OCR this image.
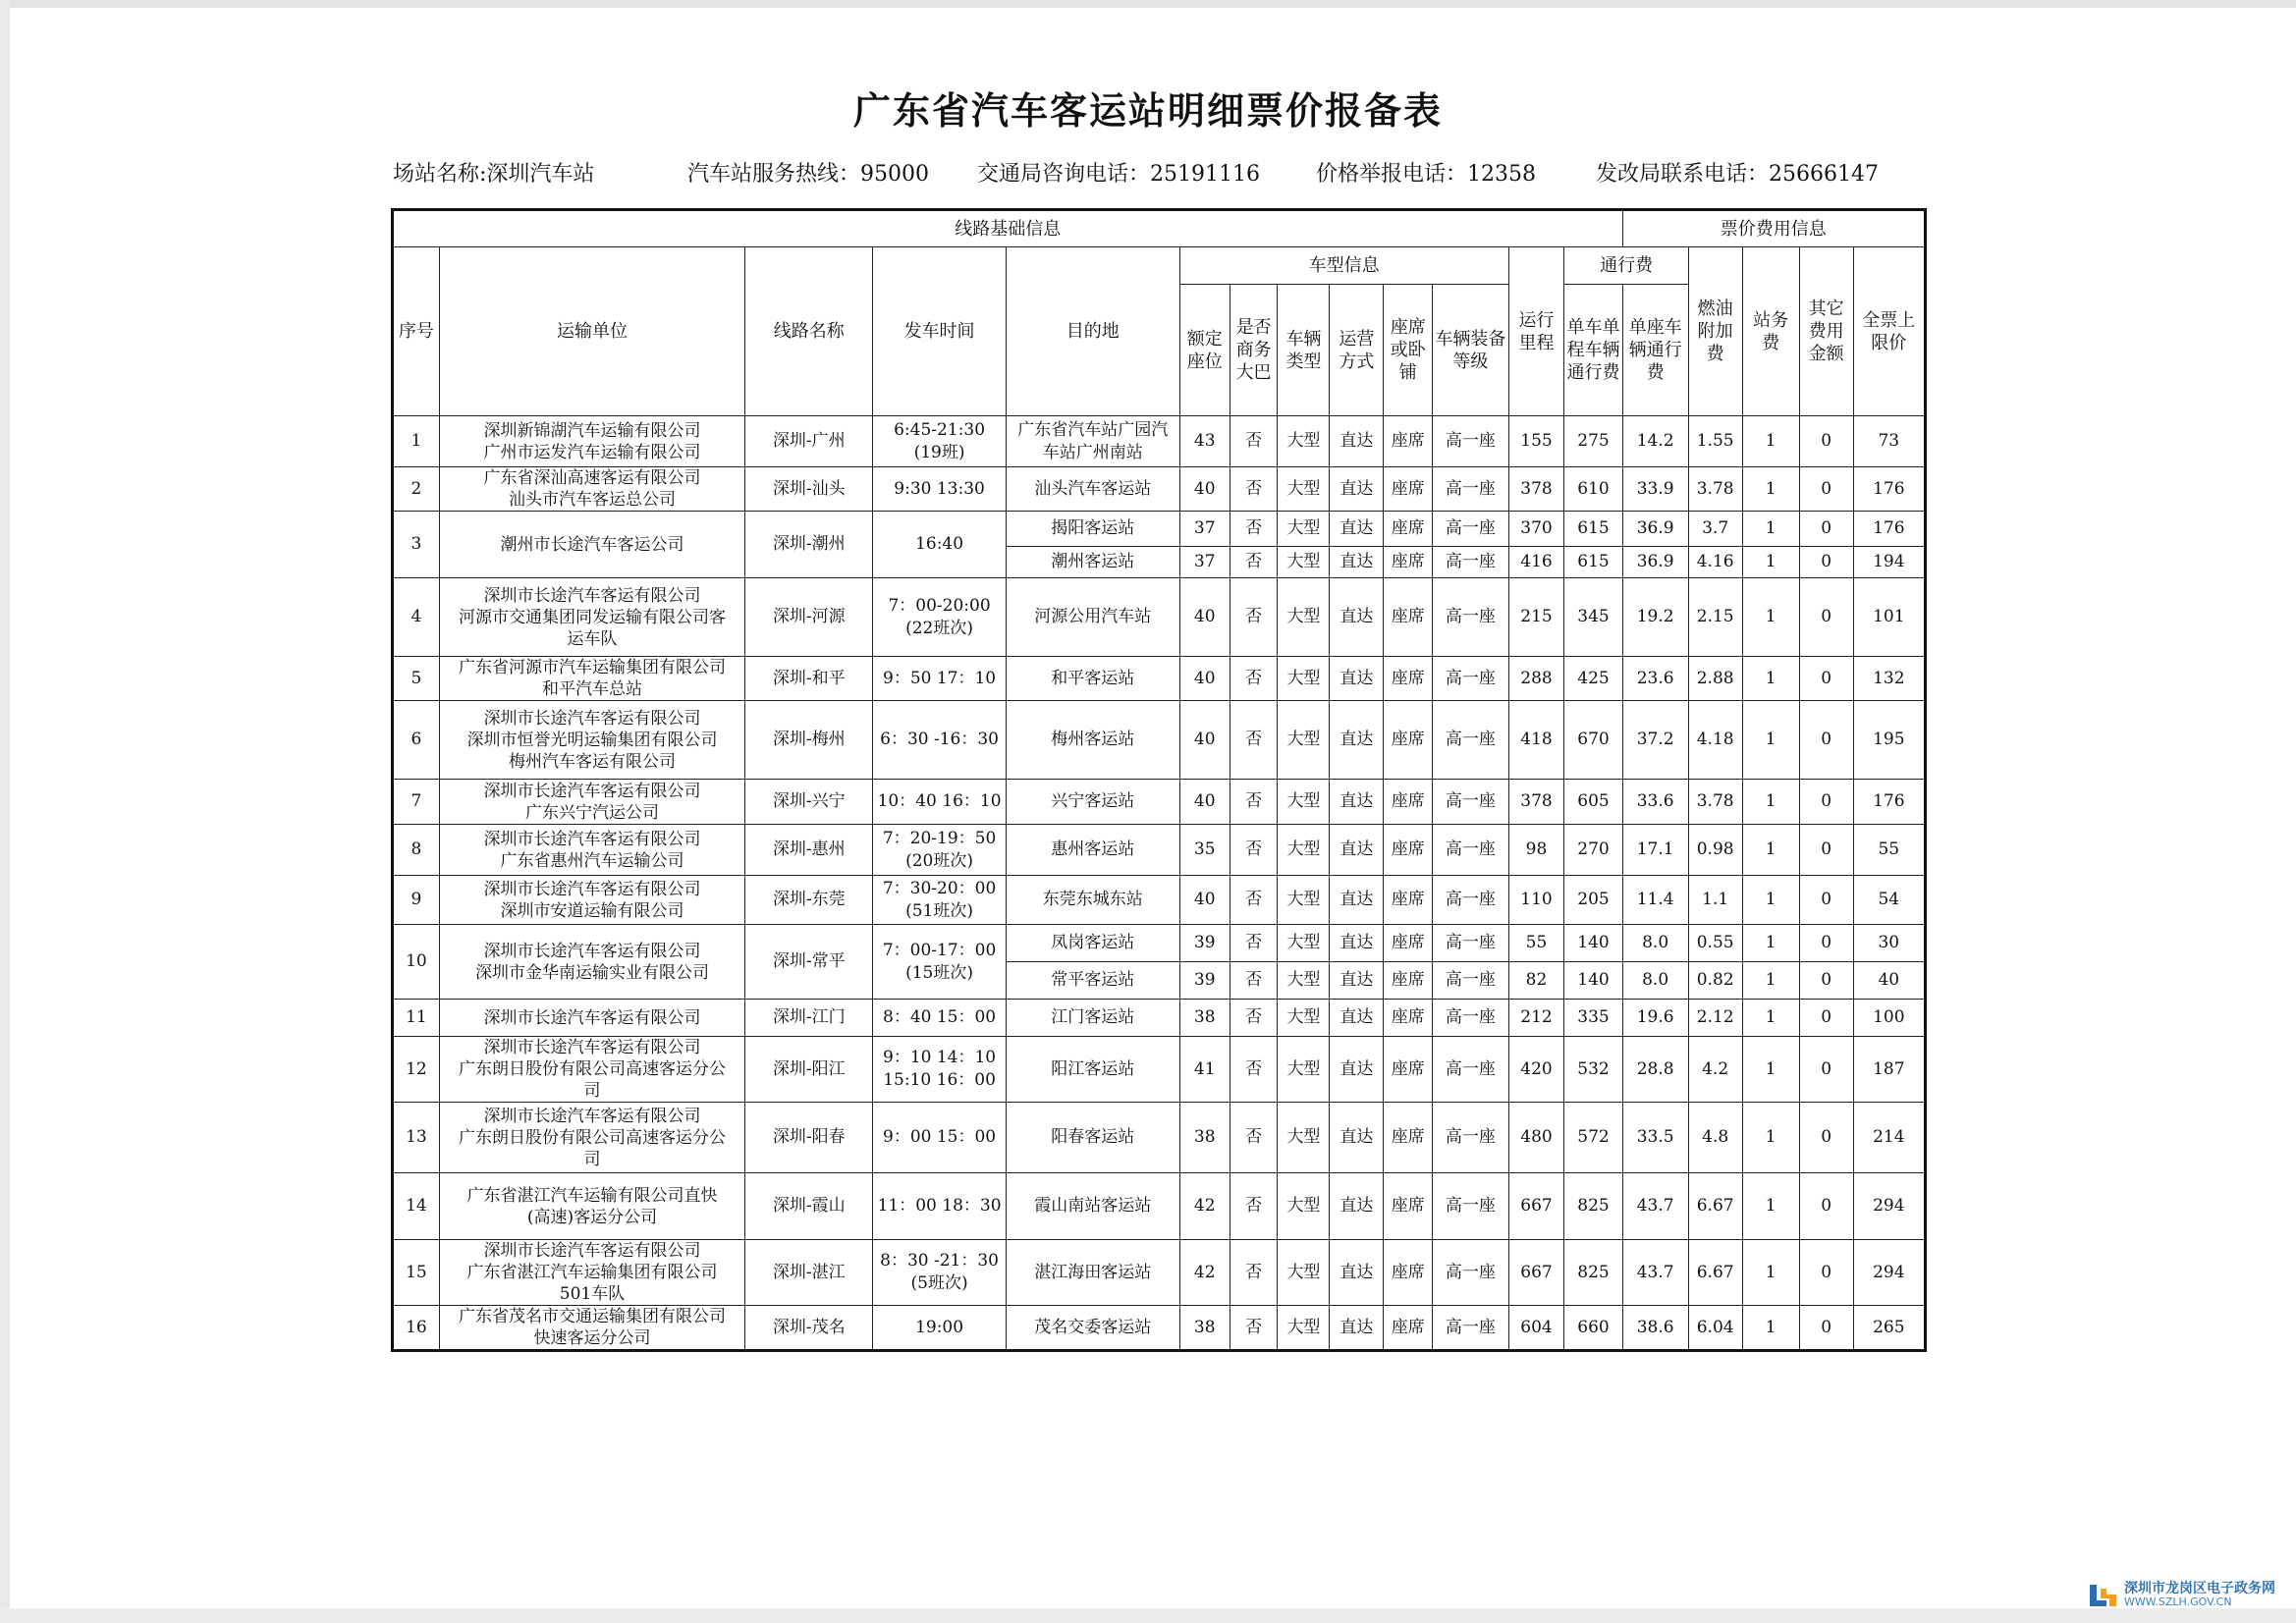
广东省汽车客运站明细票价报备表
场站名称:深圳汽车站	汽车站服务热线：95000 交通局咨询电话：25191116	价格举报电话：12358	发改局联系电话：25666147
线路基础信息													票价费用信息				
序号	运输单位	线路名称	发车时间	目的地	车型信息						运行里程	通行费		燃油附加费	站务费	其它费用金额	全票上限价
					额定座位	是否商务大巴	车辆类型	运营方式	座席或卧铺	车辆装备等级		单车单程车辆通行费	单座车辆通行费				
1	深圳新锦湖汽车运输有限公司
广州市运发汽车运输有限公司	深圳-广州	6:45-21:30
(19班)	广东省汽车站广园汽
车站广州南站	43	否	大型	直达	座席	高一座	155	275	14.2	1.55	1	0	73
2	广东省深汕高速客运有限公司
汕头市汽车客运总公司	深圳-汕头	9:30 13:30	汕头汽车客运站	40	否	大型	直达	座席	高一座	378	610	33.9	3.78	1	0	176
3	潮州市长途汽车客运公司	深圳-潮州	16:40	揭阳客运站	37	否	大型	直达	座席	高一座	370	615	36.9	3.7	1	0	176
				潮州客运站	37	否	大型	直达	座席	高一座	416	615	36.9	4.16	1	0	194
4	深圳市长途汽车客运有限公司
河源市交通集团同发运输有限公司客
运车队	深圳-河源	7：00-20:00
(22班次)	河源公用汽车站	40	否	大型	直达	座席	高一座	215	345	19.2	2.15	1	0	101
5	广东省河源市汽车运输集团有限公司
和平汽车总站	深圳-和平	9：50 17：10	和平客运站	40	否	大型	直达	座席	高一座	288	425	23.6	2.88	1	0	132
6	深圳市长途汽车客运有限公司
深圳市恒誉光明运输集团有限公司
梅州汽车客运有限公司	深圳-梅州	6：30 -16：30	梅州客运站	40	否	大型	直达	座席	高一座	418	670	37.2	4.18	1	0	195
7	深圳市长途汽车客运有限公司
广东兴宁汽运公司	深圳-兴宁	10：40 16：10	兴宁客运站	40	否	大型	直达	座席	高一座	378	605	33.6	3.78	1	0	176
8	深圳市长途汽车客运有限公司
广东省惠州汽车运输公司	深圳-惠州	7：20-19：50
(20班次)	惠州客运站	35	否	大型	直达	座席	高一座	98	270	17.1	0.98	1	0	55
9	深圳市长途汽车客运有限公司
深圳市安道运输有限公司	深圳-东莞	7：30-20：00
(51班次)	东莞东城东站	40	否	大型	直达	座席	高一座	110	205	11.4	1.1	1	0	54
10	深圳市长途汽车客运有限公司
深圳市金华南运输实业有限公司	深圳-常平	7：00-17：00
(15班次)	凤岗客运站	39	否	大型	直达	座席	高一座	55	140	8.0	0.55	1	0	30
				常平客运站	39	否	大型	直达	座席	高一座	82	140	8.0	0.82	1	0	40
11	深圳市长途汽车客运有限公司	深圳-江门	8：40 15：00	江门客运站	38	否	大型	直达	座席	高一座	212	335	19.6	2.12	1	0	100
12	深圳市长途汽车客运有限公司
广东朗日股份有限公司高速客运分公
司	深圳-阳江	9：10 14：10
15:10 16：00	阳江客运站	41	否	大型	直达	座席	高一座	420	532	28.8	4.2	1	0	187
13	深圳市长途汽车客运有限公司
广东朗日股份有限公司高速客运分公
司	深圳-阳春	9：00 15：00	阳春客运站	38	否	大型	直达	座席	高一座	480	572	33.5	4.8	1	0	214
14	广东省湛江汽车运输有限公司直快
(高速)客运分公司	深圳-霞山	11：00 18：30	霞山南站客运站	42	否	大型	直达	座席	高一座	667	825	43.7	6.67	1	0	294
15	深圳市长途汽车客运有限公司
广东省湛江汽车运输集团有限公司
501车队	深圳-湛江	8：30 -21：30
(5班次)	湛江海田客运站	42	否	大型	直达	座席	高一座	667	825	43.7	6.67	1	0	294
16	广东省茂名市交通运输集团有限公司
快速客运分公司	深圳-茂名	19:00	茂名交委客运站	38	否	大型	直达	座席	高一座	604	660	38.6	6.04	1	0	265
深圳市龙岗区电子政务网
WWW.SZLH.GOV.CN
